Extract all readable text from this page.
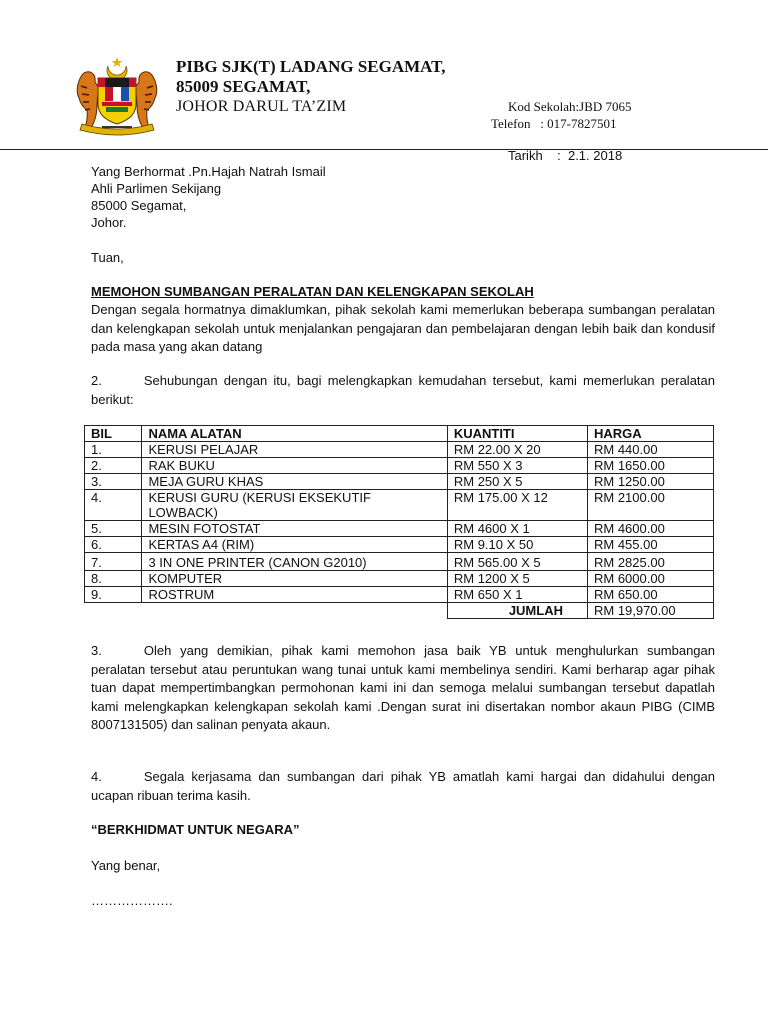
PIBG SJK(T) LADANG SEGAMAT,
85009 SEGAMAT,
JOHOR DARUL TA’ZIM	Kod Sekolah:JBD 7065
Telefon   : 017-7827501
Tarikh    :  2.1. 2018
Yang Berhormat .Pn.Hajah Natrah Ismail
Ahli Parlimen Sekijang
85000 Segamat,
Johor.
Tuan,
MEMOHON SUMBANGAN PERALATAN DAN KELENGKAPAN SEKOLAH
Dengan segala hormatnya dimaklumkan, pihak sekolah kami memerlukan beberapa sumbangan peralatan dan kelengkapan sekolah untuk menjalankan pengajaran dan pembelajaran dengan lebih baik dan kondusif pada masa yang akan datang
2.	Sehubungan dengan itu, bagi melengkapkan kemudahan tersebut, kami memerlukan peralatan berikut:
BIL	NAMA ALATAN	KUANTITI	HARGA
1.	KERUSI PELAJAR	RM 22.00 X 20	RM 440.00
2.	RAK BUKU	RM 550 X 3	RM 1650.00
3.	MEJA GURU KHAS	RM 250 X 5	RM 1250.00
4.	KERUSI GURU (KERUSI EKSEKUTIF LOWBACK)	RM 175.00 X 12	RM 2100.00
5.	MESIN FOTOSTAT	RM 4600 X 1	RM 4600.00
6.	KERTAS A4 (RIM)	RM 9.10 X 50	RM 455.00
7.	3 IN ONE PRINTER (CANON G2010)	RM 565.00 X 5	RM 2825.00
8.	KOMPUTER	RM 1200 X 5	RM 6000.00
9.	ROSTRUM	RM 650 X 1	RM 650.00
		JUMLAH	RM 19,970.00
3.	Oleh yang demikian, pihak kami memohon jasa baik YB untuk menghulurkan sumbangan peralatan tersebut atau peruntukan wang tunai untuk kami membelinya sendiri. Kami berharap agar pihak tuan dapat mempertimbangkan permohonan kami ini dan semoga melalui sumbangan tersebut dapatlah kami melengkapkan kelengkapan sekolah kami .Dengan surat ini disertakan nombor akaun PIBG (CIMB 8007131505) dan salinan penyata akaun.
4.	Segala kerjasama dan sumbangan dari pihak YB amatlah kami hargai dan didahului dengan ucapan ribuan terima kasih.
“BERKHIDMAT UNTUK NEGARA”
Yang benar,
……………….
